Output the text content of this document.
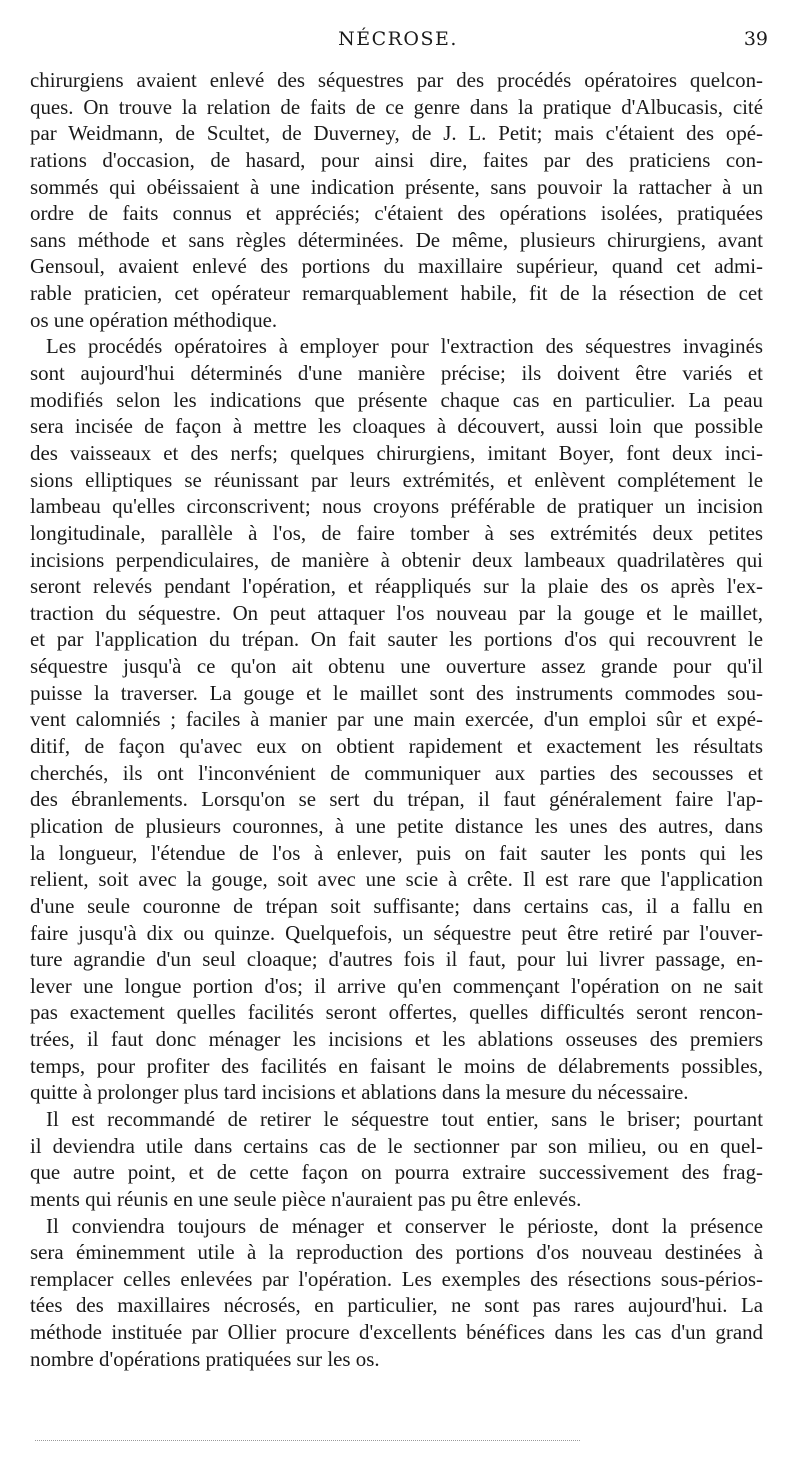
NÉCROSE.	39
chirurgiens avaient enlevé des séquestres par des procédés opératoires quelcon-
ques. On trouve la relation de faits de ce genre dans la pratique d'Albucasis, cité
par Weidmann, de Scultet, de Duverney, de J. L. Petit; mais c'étaient des opé-
rations d'occasion, de hasard, pour ainsi dire, faites par des praticiens con-
sommés qui obéissaient à une indication présente, sans pouvoir la rattacher à un
ordre de faits connus et appréciés; c'étaient des opérations isolées, pratiquées
sans méthode et sans règles déterminées. De même, plusieurs chirurgiens, avant
Gensoul, avaient enlevé des portions du maxillaire supérieur, quand cet admi-
rable praticien, cet opérateur remarquablement habile, fit de la résection de cet
os une opération méthodique.
Les procédés opératoires à employer pour l'extraction des séquestres invaginés
sont aujourd'hui déterminés d'une manière précise; ils doivent être variés et
modifiés selon les indications que présente chaque cas en particulier. La peau
sera incisée de façon à mettre les cloaques à découvert, aussi loin que possible
des vaisseaux et des nerfs; quelques chirurgiens, imitant Boyer, font deux inci-
sions elliptiques se réunissant par leurs extrémités, et enlèvent complétement le
lambeau qu'elles circonscrivent; nous croyons préférable de pratiquer un incision
longitudinale, parallèle à l'os, de faire tomber à ses extrémités deux petites
incisions perpendiculaires, de manière à obtenir deux lambeaux quadrilatères qui
seront relevés pendant l'opération, et réappliqués sur la plaie des os après l'ex-
traction du séquestre. On peut attaquer l'os nouveau par la gouge et le maillet,
et par l'application du trépan. On fait sauter les portions d'os qui recouvrent le
séquestre jusqu'à ce qu'on ait obtenu une ouverture assez grande pour qu'il
puisse la traverser. La gouge et le maillet sont des instruments commodes sou-
vent calomniés ; faciles à manier par une main exercée, d'un emploi sûr et expé-
ditif, de façon qu'avec eux on obtient rapidement et exactement les résultats
cherchés, ils ont l'inconvénient de communiquer aux parties des secousses et
des ébranlements. Lorsqu'on se sert du trépan, il faut généralement faire l'ap-
plication de plusieurs couronnes, à une petite distance les unes des autres, dans
la longueur, l'étendue de l'os à enlever, puis on fait sauter les ponts qui les
relient, soit avec la gouge, soit avec une scie à crête. Il est rare que l'application
d'une seule couronne de trépan soit suffisante; dans certains cas, il a fallu en
faire jusqu'à dix ou quinze. Quelquefois, un séquestre peut être retiré par l'ouver-
ture agrandie d'un seul cloaque; d'autres fois il faut, pour lui livrer passage, en-
lever une longue portion d'os; il arrive qu'en commençant l'opération on ne sait
pas exactement quelles facilités seront offertes, quelles difficultés seront rencon-
trées, il faut donc ménager les incisions et les ablations osseuses des premiers
temps, pour profiter des facilités en faisant le moins de délabrements possibles,
quitte à prolonger plus tard incisions et ablations dans la mesure du nécessaire.
Il est recommandé de retirer le séquestre tout entier, sans le briser; pourtant
il deviendra utile dans certains cas de le sectionner par son milieu, ou en quel-
que autre point, et de cette façon on pourra extraire successivement des frag-
ments qui réunis en une seule pièce n'auraient pas pu être enlevés.
Il conviendra toujours de ménager et conserver le périoste, dont la présence
sera éminemment utile à la reproduction des portions d'os nouveau destinées à
remplacer celles enlevées par l'opération. Les exemples des résections sous-périos-
tées des maxillaires nécrosés, en particulier, ne sont pas rares aujourd'hui. La
méthode instituée par Ollier procure d'excellents bénéfices dans les cas d'un grand
nombre d'opérations pratiquées sur les os.
